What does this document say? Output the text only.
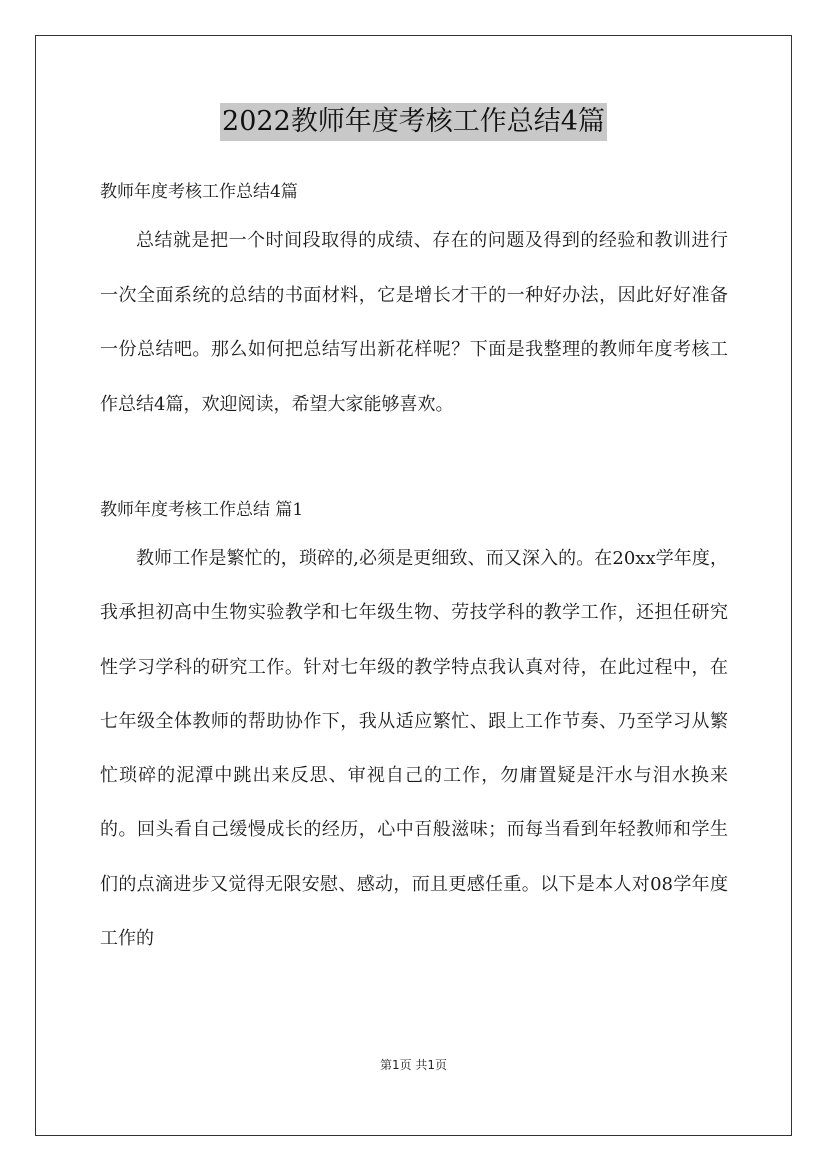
2022教师年度考核工作总结4篇

教师年度考核工作总结4篇

总结就是把一个时间段取得的成绩、存在的问题及得到的经验和教训进行一次全面系统的总结的书面材料，它是增长才干的一种好办法，因此好好准备一份总结吧。那么如何把总结写出新花样呢？下面是我整理的教师年度考核工作总结4篇，欢迎阅读，希望大家能够喜欢。

教师年度考核工作总结 篇1

教师工作是繁忙的，琐碎的,必须是更细致、而又深入的。在20xx学年度，我承担初高中生物实验教学和七年级生物、劳技学科的教学工作，还担任研究性学习学科的研究工作。针对七年级的教学特点我认真对待，在此过程中，在七年级全体教师的帮助协作下，我从适应繁忙、跟上工作节奏、乃至学习从繁忙琐碎的泥潭中跳出来反思、审视自己的工作，勿庸置疑是汗水与泪水换来的。回头看自己缓慢成长的经历，心中百般滋味；而每当看到年轻教师和学生们的点滴进步又觉得无限安慰、感动，而且更感任重。以下是本人对08学年度工作的

第1页 共1页
